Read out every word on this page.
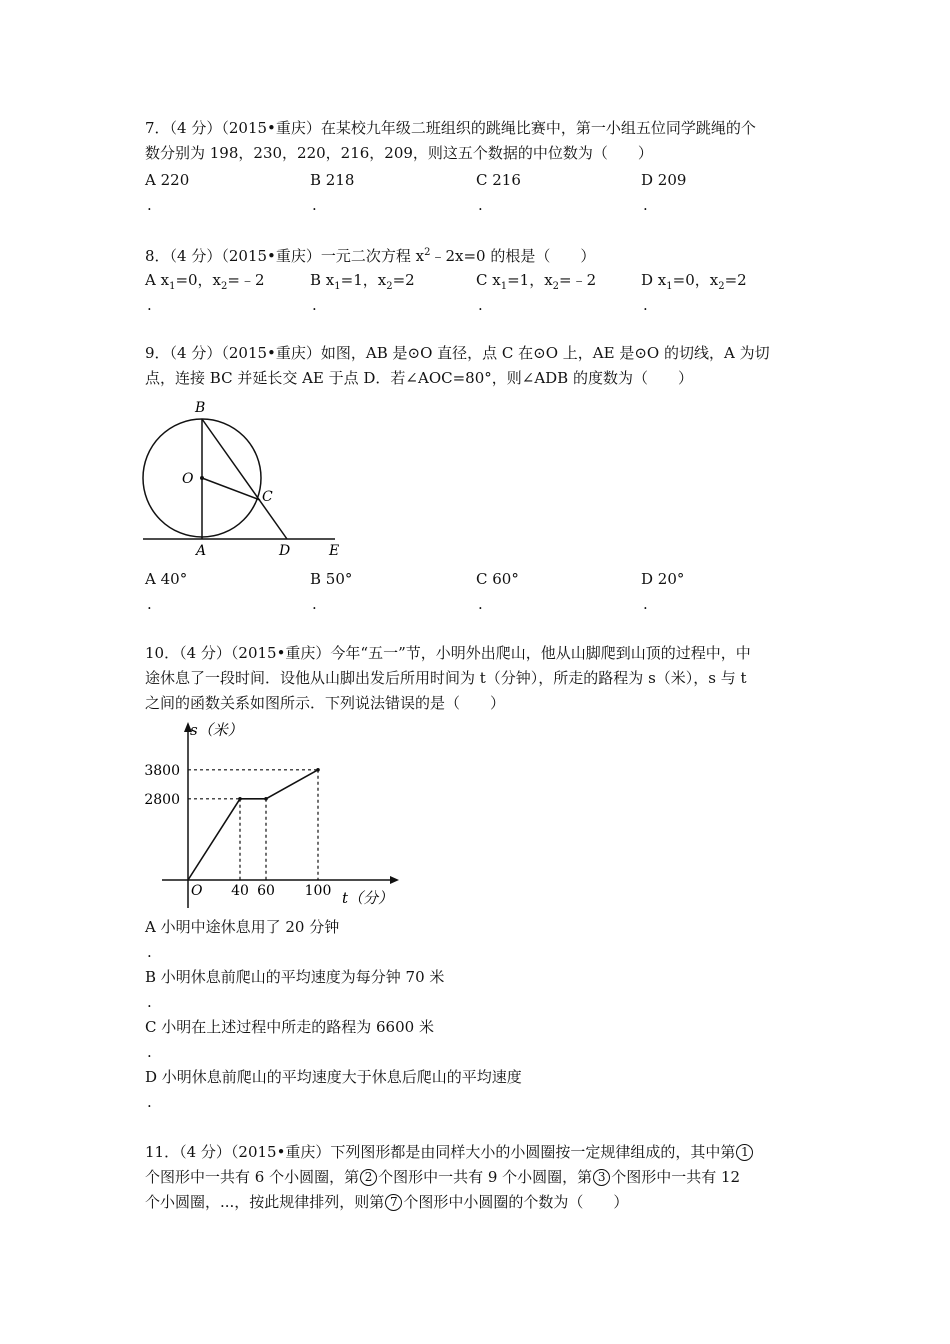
7．（4 分）（2015•重庆）在某校九年级二班组织的跳绳比赛中，第一小组五位同学跳绳的个
数分别为 198，230，220，216，209，则这五个数据的中位数为（　　）
A 220	B 218	C 216	D 209
.	.	.	.
8．（4 分）（2015•重庆）一元二次方程 $x^2﹣2x=0$ 的根是（　　）
A $x_1=0$，$x_2=﹣2$	B $x_1=1$，$x_2=2$	C $x_1=1$，$x_2=﹣2$	D $x_1=0$，$x_2=2$
.	.	.	.
9．（4 分）（2015•重庆）如图，AB 是⊙O 直径，点 C 在⊙O 上，AE 是⊙O 的切线，A 为切
点，连接 BC 并延长交 AE 于点 D．若∠AOC=80°，则∠ADB 的度数为（　　）
B
O
C
A	D	E
A 40°	B 50°	C 60°	D 20°
.	.	.	.
10．（4 分）（2015•重庆）今年“五一”节，小明外出爬山，他从山脚爬到山顶的过程中，中
途休息了一段时间．设他从山脚出发后所用时间为 t（分钟），所走的路程为 s（米），s 与 t
之间的函数关系如图所示．下列说法错误的是（　　）
40 60 100
2800
3800
s（米）
t（分）
O
A 小明中途休息用了 20 分钟
.
B 小明休息前爬山的平均速度为每分钟 70 米
.
C 小明在上述过程中所走的路程为 6600 米
.
D 小明休息前爬山的平均速度大于休息后爬山的平均速度
.
11．（4 分）（2015•重庆）下列图形都是由同样大小的小圆圈按一定规律组成的，其中第 1
个图形中一共有 6 个小圆圈，第 2 个图形中一共有 9 个小圆圈，第 3 个图形中一共有 12
个小圆圈，...，按此规律排列，则第 7 个图形中小圆圈的个数为（　　）
